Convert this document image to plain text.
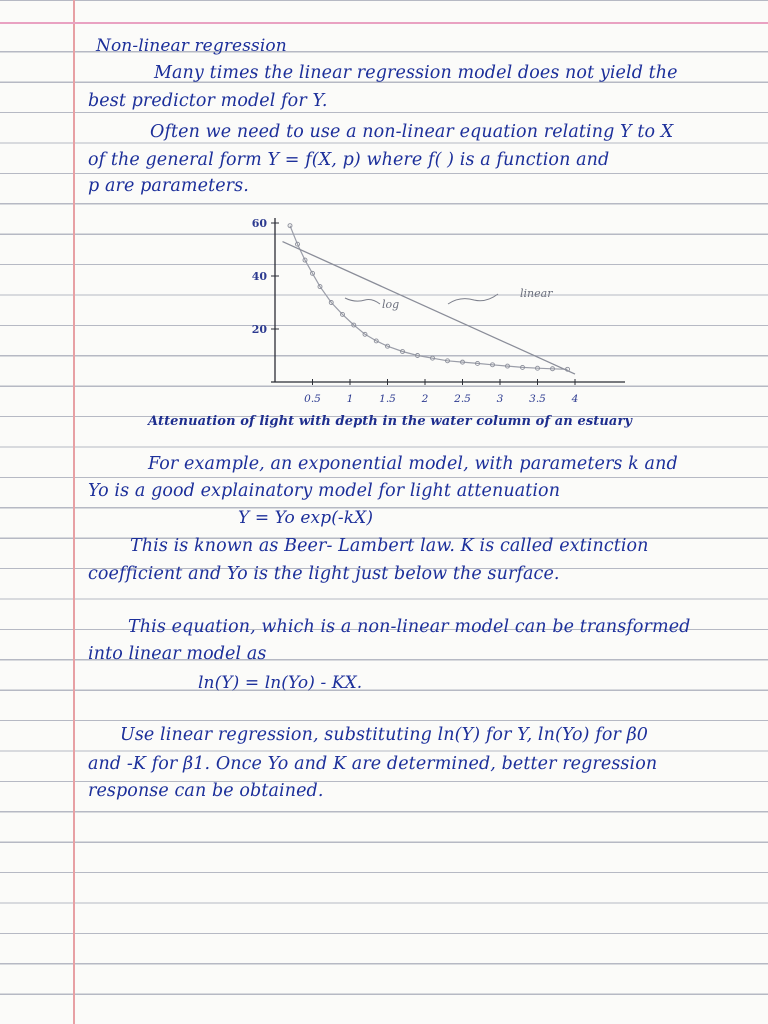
Non-linear regression
Many times the linear regression model does not yield the
best predictor model for Y.
Often we need to use a non-linear equation relating Y to X
of the general form Y = f(X, p) where f( ) is a function and
p are parameters.
20
40
60
0.5 1 1.5 2 2.5 3 3.5 4
log
linear
Attenuation of light with depth in the water column of an estuary
For example, an exponential model, with parameters k and
Yo is a good explainatory model for light attenuation
Y = Yo exp(-kX)
This is known as Beer- Lambert law. K is called extinction
coefficient and Yo is the light just below the surface.
This equation, which is a non-linear model can be transformed
into linear model as
ln(Y) = ln(Yo) - KX.
Use linear regression, substituting ln(Y) for Y, ln(Yo) for β0
and -K for β1. Once Yo and K are determined, better regression
response can be obtained.
